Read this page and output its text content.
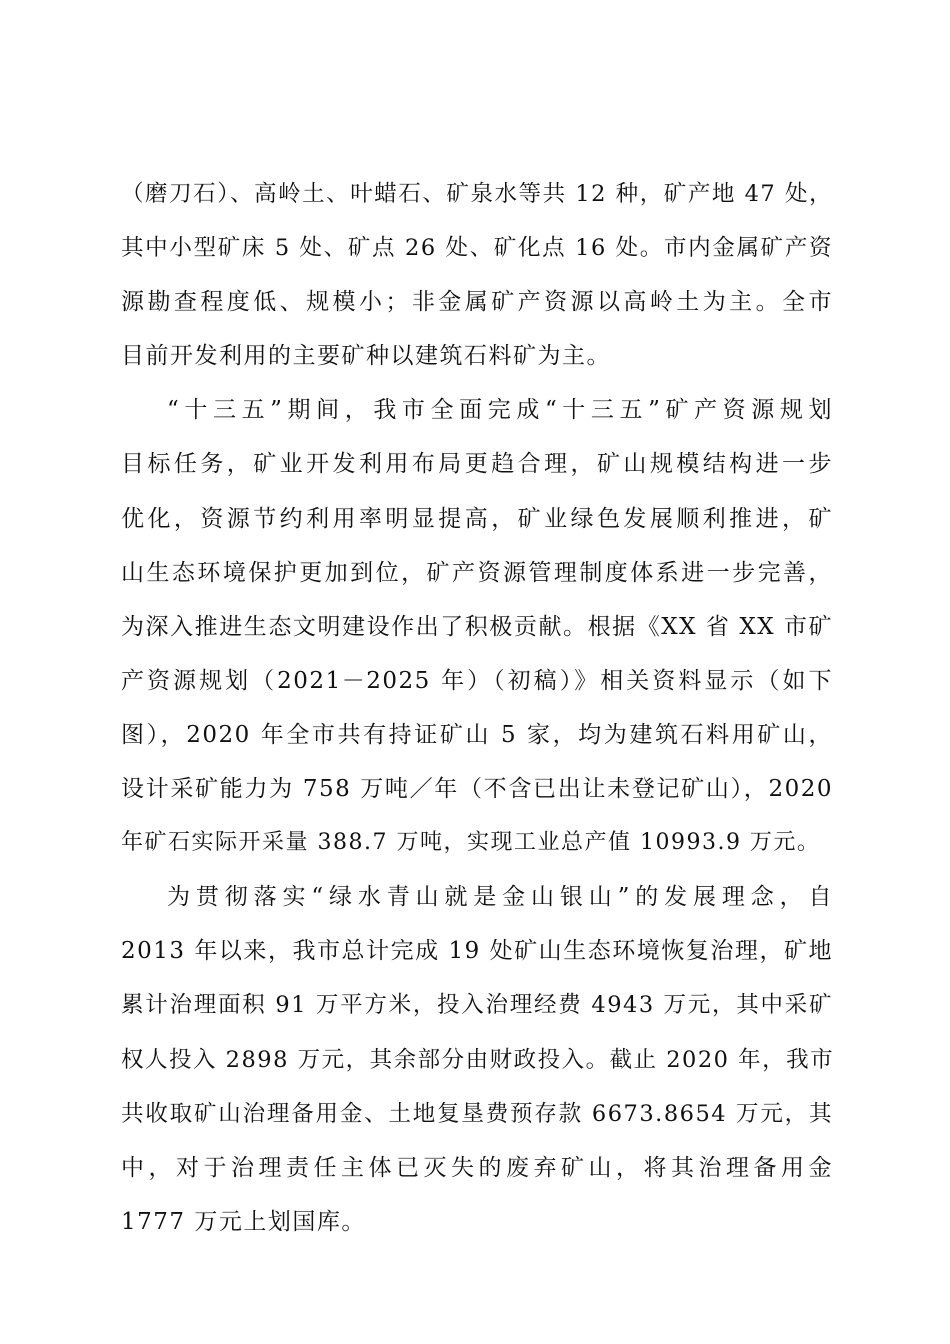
（磨刀石）、高岭土、叶蜡石、矿泉水等共 12 种，矿产地 47 处，
其中小型矿床 5 处、矿点 26 处、矿化点 16 处。市内金属矿产资
源勘查程度低、规模小；非金属矿产资源以高岭土为主。全市
目前开发利用的主要矿种以建筑石料矿为主。
“十三五”期间，我市全面完成“十三五”矿产资源规划
目标任务，矿业开发利用布局更趋合理，矿山规模结构进一步
优化，资源节约利用率明显提高，矿业绿色发展顺利推进，矿
山生态环境保护更加到位，矿产资源管理制度体系进一步完善，
为深入推进生态文明建设作出了积极贡献。根据《XX 省 XX 市矿
产资源规划（2021－2025 年）（初稿）》相关资料显示（如下
图），2020 年全市共有持证矿山 5 家，均为建筑石料用矿山，
设计采矿能力为 758 万吨／年（不含已出让未登记矿山），2020
年矿石实际开采量 388.7 万吨，实现工业总产值 10993.9 万元。
为贯彻落实“绿水青山就是金山银山”的发展理念，自
2013 年以来，我市总计完成 19 处矿山生态环境恢复治理，矿地
累计治理面积 91 万平方米，投入治理经费 4943 万元，其中采矿
权人投入 2898 万元，其余部分由财政投入。截止 2020 年，我市
共收取矿山治理备用金、土地复垦费预存款 6673.8654 万元，其
中，对于治理责任主体已灭失的废弃矿山，将其治理备用金
1777 万元上划国库。
